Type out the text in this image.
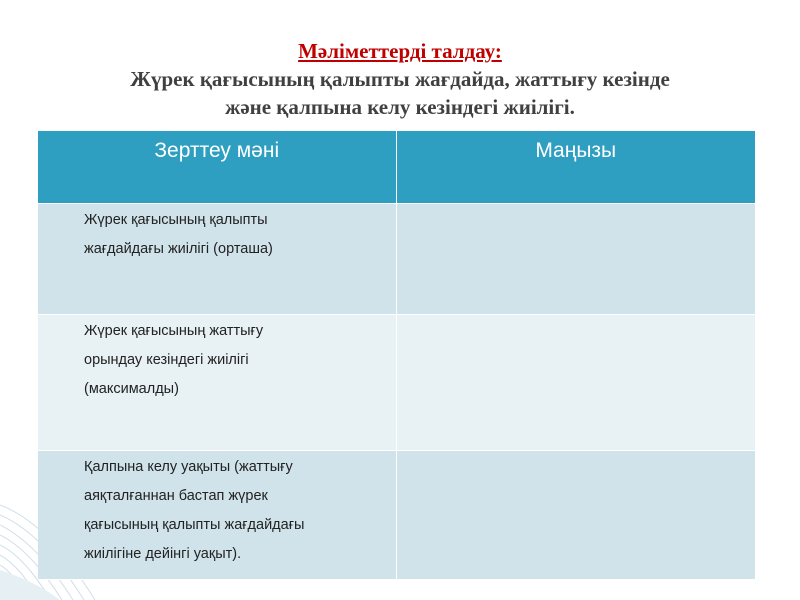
Мәліметтерді талдау:
Жүрек қағысының қалыпты жағдайда, жаттығу кезінде
және қалпына келу кезіндегі жиілігі.
Зерттеу мәні	Маңызы

Жүрек қағысының қалыпты
жағдайдағы жиілігі (орташа)	

Жүрек қағысының жаттығу
орындау кезіндегі жиілігі
(максималды)	

Қалпына келу уақыты (жаттығу
аяқталғаннан бастап жүрек
қағысының қалыпты жағдайдағы
жиілігіне дейінгі уақыт).	
